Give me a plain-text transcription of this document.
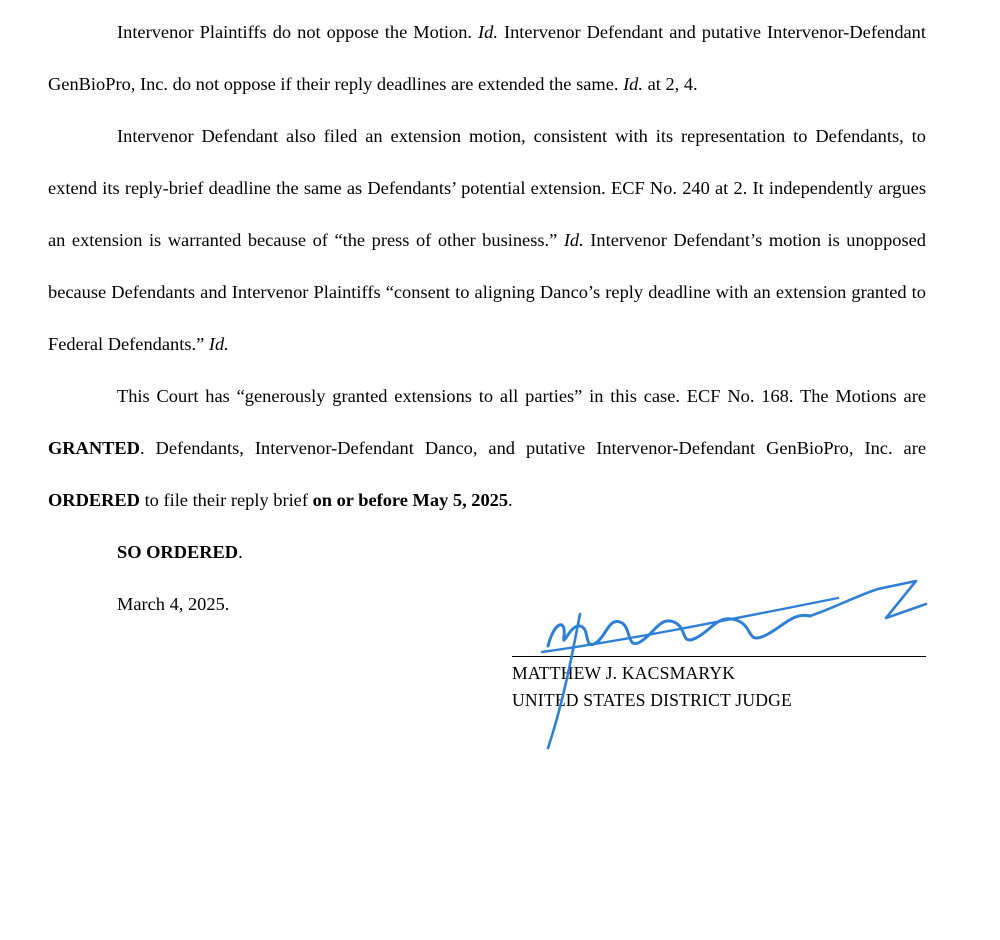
Intervenor Plaintiffs do not oppose the Motion. Id. Intervenor Defendant and putative Intervenor-Defendant GenBioPro, Inc. do not oppose if their reply deadlines are extended the same. Id. at 2, 4.

Intervenor Defendant also filed an extension motion, consistent with its representation to Defendants, to extend its reply-brief deadline the same as Defendants’ potential extension. ECF No. 240 at 2. It independently argues an extension is warranted because of “the press of other business.” Id. Intervenor Defendant’s motion is unopposed because Defendants and Intervenor Plaintiffs “consent to aligning Danco’s reply deadline with an extension granted to Federal Defendants.” Id.

This Court has “generously granted extensions to all parties” in this case. ECF No. 168. The Motions are GRANTED. Defendants, Intervenor-Defendant Danco, and putative Intervenor-Defendant GenBioPro, Inc. are ORDERED to file their reply brief on or before May 5, 2025.

SO ORDERED.

March 4, 2025.

MATTHEW J. KACSMARYK
UNITED STATES DISTRICT JUDGE
